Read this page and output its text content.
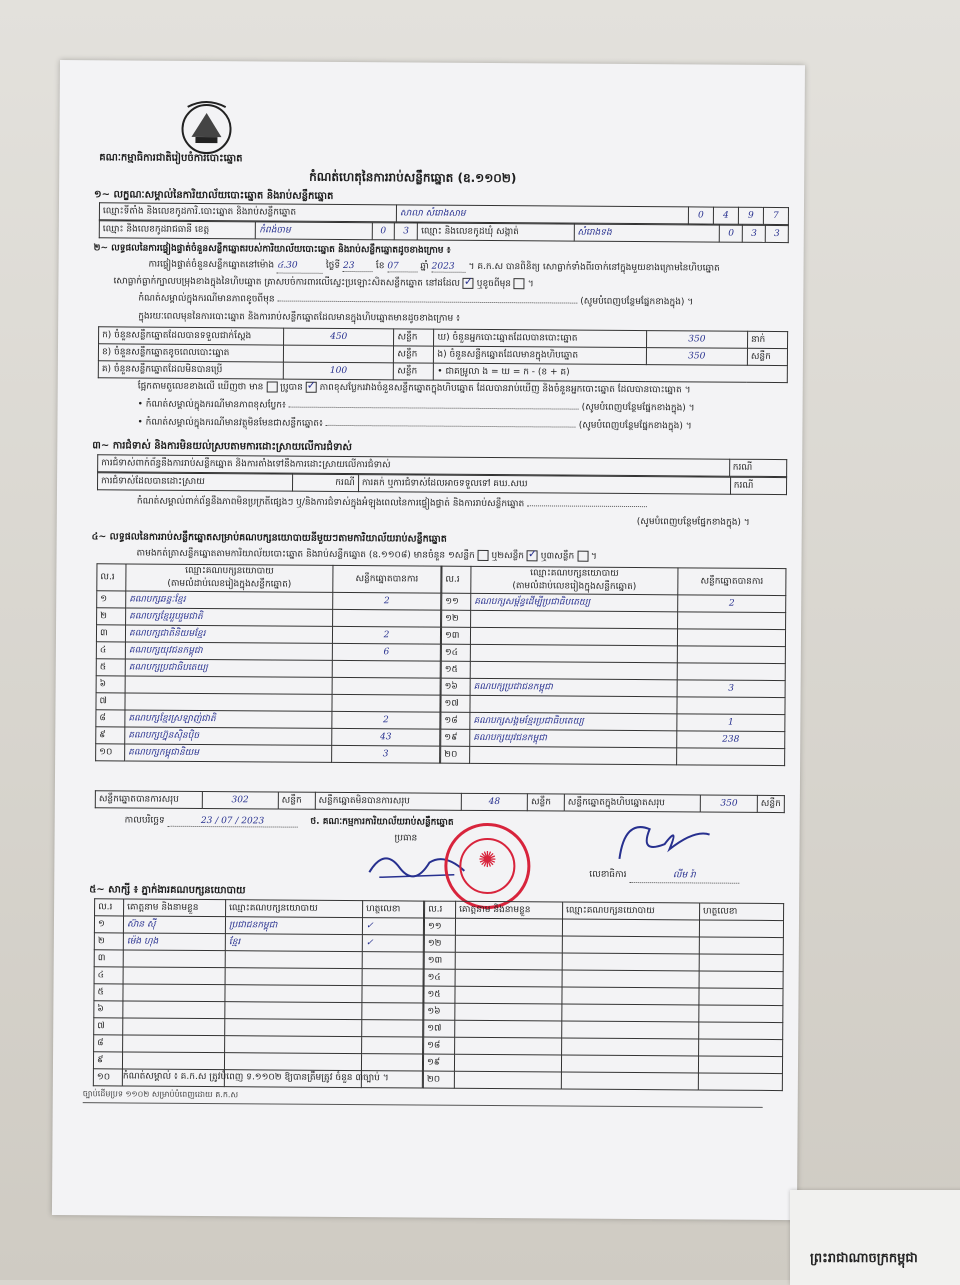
គណៈកម្មាធិការជាតិរៀបចំការបោះឆ្នោត
កំណត់ហេតុនៃការរាប់សន្លឹកឆ្នោត (ឧ.១១០២)
១~ លក្ខណៈសម្គាល់នៃការិយាល័យបោះឆ្នោត និងរាប់សន្លឹកឆ្នោត
ឈ្មោះទីតាំង និងលេខកូដការិ.បោះឆ្នោត និងរាប់សន្លឹកឆ្នោត	សាលា សំរោងសាម	0	4	9	7
ឈ្មោះ និងលេខកូដរាជធានី ខេត្ត	កំពង់ចាម	0	3	ឈ្មោះ និងលេខកូដឃុំ សង្កាត់	សំរោងទង	0	3	3
២~ លទ្ធផលនៃការផ្ទៀងផ្ទាត់ចំនួនសន្លឹកឆ្នោតរបស់ការិយាល័យបោះឆ្នោត និងរាប់សន្លឹកឆ្នោតដូចខាងក្រោម ៖
ការផ្ទៀងផ្ទាត់ចំនួនសន្លឹកឆ្នោតនៅម៉ោង ៤.30	ថ្ងៃទី 23 ខែ 07 ឆ្នាំ 2023 ។ គ.ក.ស បានពិនិត្យ សោធ្លាក់ទាំងពីរចាក់នៅក្នុងមួយខាងក្រោមនៃហិបឆ្នោត
សោធ្លាក់ធ្លាក់ក្បាលបម្រុងខាងក្នុងនៃហិបឆ្នោត គ្រាសបច់ការពារលើស្ទេះប្រឡោះសិតសន្លឹកឆ្នោត នៅដដែល ✓ ឬខូចពីមុន  ។
កំណត់សម្គាល់ក្នុងករណីមានភាពខូចពីមុន	(សូមបំពេញបន្ថែមផ្នែកខាងក្នុង) ។
ក្នុងរយៈពេលមុននៃការបោះឆ្នោត និងការរាប់សន្លឹកឆ្នោតដែលមានក្នុងហិបឆ្នោតមានដូចខាងក្រោម ៖
ក) ចំនួនសន្លឹកឆ្នោតដែលបានទទួលជាក់ស្តែង	450	សន្លឹក	ឃ) ចំនួនអ្នកបោះឆ្នោតដែលបានបោះឆ្នោត	350	នាក់
ខ) ចំនួនសន្លឹកឆ្នោតខូចពេលបោះឆ្នោត		សន្លឹក	ង) ចំនួនសន្លឹកឆ្នោតដែលមានក្នុងហិបឆ្នោត	350	សន្លឹក
គ) ចំនួនសន្លឹកឆ្នោតដែលមិនបានប្រើ	100	សន្លឹក	• ជាគម្រូលា ង = ឃ = ក - (ខ + គ)		
ផ្អែកតាមតួលេខខាងលើ ឃើញថា មាន ប្រូបាន ✓ ភាពខុសប្លែករវាងចំនួនសន្លឹកឆ្នោតក្នុងហិបឆ្នោត ដែលបានរាប់ឃើញ និងចំនួនអ្នកបោះឆ្នោត ដែលបានបោះឆ្នោត ។
• កំណត់សម្គាល់ក្នុងករណីមានភាពខុសប្លែក៖	(សូមបំពេញបន្ថែមផ្នែកខាងក្នុង) ។
• កំណត់សម្គាល់ក្នុងករណីមានវត្ថុមិនមែនជាសន្លឹកឆ្នោត៖	(សូមបំពេញបន្ថែមផ្នែកខាងក្នុង) ។
៣~ ការជំទាស់ និងការមិនយល់ស្របតាមការដោះស្រាយលើការជំទាស់
ការជំទាស់ពាក់ព័ន្ធនឹងការរាប់សន្លឹកឆ្នោត និងការតាំងទៅនឹងការដោះស្រាយលើការជំទាស់	ករណី
ការជំទាស់ដែលបានដោះស្រាយ	ករណី	ការគក់ ឬការជំទាស់ដែលអាចទទួលទៅ គឃ.សឃ	ករណី
កំណត់សម្គាល់ពាក់ព័ន្ធនឹងភាពមិនប្រក្រតីផ្សេងៗ ឬ/និងការជំទាស់ក្នុងអំឡុងពេលនៃការផ្ទៀងផ្ទាត់ និងការរាប់សន្លឹកឆ្នោត
(សូមបំពេញបន្ថែមផ្នែកខាងក្នុង) ។
៤~ លទ្ធផលនៃការរាប់សន្លឹកឆ្នោតសម្រាប់គណបក្សនយោបាយនីមួយៗតាមការិយាល័យរាប់សន្លឹកឆ្នោត
តាមងកត់ត្រាសន្លឹកឆ្នោតតាមការិយាល័យបោះឆ្នោត និងរាប់សន្លឹកឆ្នោត (ឧ.១១០៨) មានចំនួន ១សន្លឹក ឬ២សន្លឹក ✓ ឬ៣សន្លឹក  ។
ល.រ	ឈ្មោះគណបក្សនយោបាយ
(តាមលំដាប់លេខរៀងក្នុងសន្លឹកឆ្នោត)	សន្លឹកឆ្នោតបានការ
១	គណបក្សឆន្ទៈខ្មែរ	2
២	គណបក្សខ្មែររួបរួមជាតិ	
៣	គណបក្សជាតិនិយមខ្មែរ	2
៤	គណបក្សយុវជនកម្ពុជា	6
៥	គណបក្សប្រជាធិបតេយ្យ	
៦		
៧		
៨	គណបក្សខ្មែរស្រឡាញ់ជាតិ	2
៩	គណបក្សហ្វ៊ុនស៊ិនប៉ិច	43
១០	គណបក្សកម្ពុជានិយម	3
ល.រ	ឈ្មោះគណបក្សនយោបាយ
(តាមលំដាប់លេខរៀងក្នុងសន្លឹកឆ្នោត)	សន្លឹកឆ្នោតបានការ
១១	គណបក្សសម្ព័ន្ធដើម្បីប្រជាធិបតេយ្យ	2
១២		
១៣		
១៤		
១៥		
១៦	គណបក្សប្រជាជនកម្ពុជា	3
១៧		
១៨	គណបក្សសង្គមខ្មែរប្រជាធិបតេយ្យ	1
១៩	គណបក្សយុវជនកម្ពុជា	238
២០		
សន្លឹកឆ្នោតបានការសរុប	302	សន្លឹក	សន្លឹកឆ្នោតមិនបានការសរុប	48	សន្លឹក	សន្លឹកឆ្នោតក្នុងហិបឆ្នោតសរុប	350	សន្លឹក
កាលបរិច្ឆេទ	23 / 07 / 2023	ថ. គណៈកម្មការការិយាល័យរាប់សន្លឹកឆ្នោត
ប្រធាន
✺
លេខាធិការ	លីម រ៉ា
៥~ សាក្សី ៖ ភ្នាក់ងារគណបក្សនយោបាយ
ល.រ	គោត្តនាម និងនាមខ្លួន	ឈ្មោះគណបក្សនយោបាយ	ហត្ថលេខា
១	ស៊ាន ស៊ី	ប្រជាជនកម្ពុជា	✓
២	ម៉េង ហុង	ខ្មែរ	✓
៣			
៤			
៥			
៦			
៧			
៨			
៩			
១០			
ល.រ	គោត្តនាម និងនាមខ្លួន	ឈ្មោះគណបក្សនយោបាយ	ហត្ថលេខា
១១			
១២			
១៣			
១៤			
១៥			
១៦			
១៧			
១៨			
១៩			
២០			
កំណត់សម្គាល់ ៖ គ.ក.ស ត្រូវបំពេញ ទ.១១០២ ឱ្យបានត្រឹមត្រូវ ចំនួន ៣ច្បាប់ ។
ច្បាប់ដើមប្រទ ១១០២ សម្រាប់បំពេញដោយ គ.ក.ស
ព្រះរាជាណាចក្រកម្ពុជា
